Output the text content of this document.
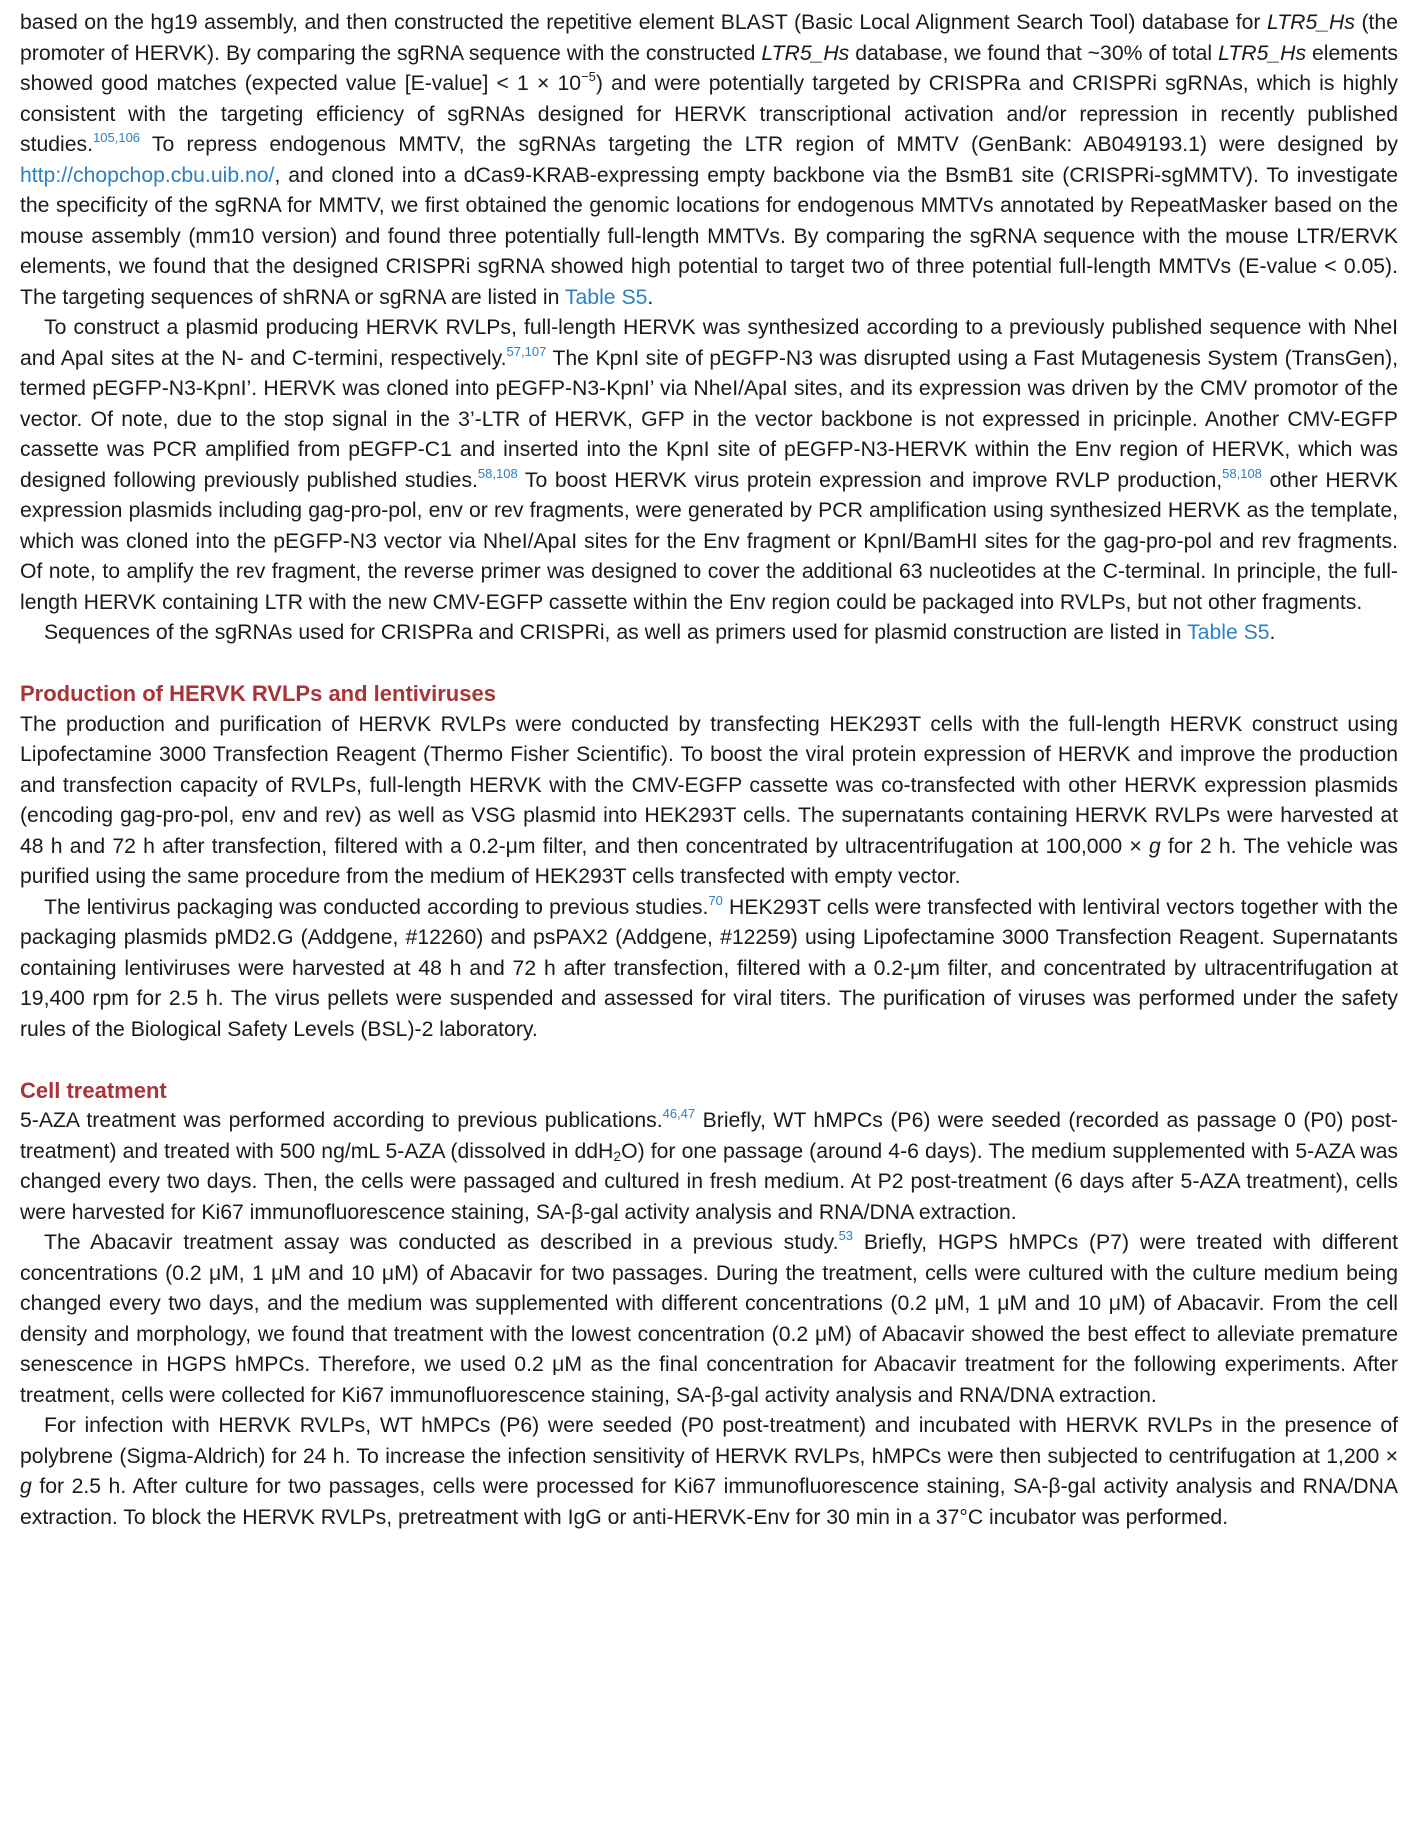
based on the hg19 assembly, and then constructed the repetitive element BLAST (Basic Local Alignment Search Tool) database for LTR5_Hs (the promoter of HERVK). By comparing the sgRNA sequence with the constructed LTR5_Hs database, we found that ~30% of total LTR5_Hs elements showed good matches (expected value [E-value] < $1 \times 10^{-5}$) and were potentially targeted by CRISPRa and CRISPRi sgRNAs, which is highly consistent with the targeting efficiency of sgRNAs designed for HERVK transcriptional activation and/or repression in recently published studies.$^{105,106}$ To repress endogenous MMTV, the sgRNAs targeting the LTR region of MMTV (GenBank: AB049193.1) were designed by http://chopchop.cbu.uib.no/, and cloned into a dCas9-KRAB-expressing empty backbone via the BsmB1 site (CRISPRi-sgMMTV). To investigate the specificity of the sgRNA for MMTV, we first obtained the genomic locations for endogenous MMTVs annotated by RepeatMasker based on the mouse assembly (mm10 version) and found three potentially full-length MMTVs. By comparing the sgRNA sequence with the mouse LTR/ERVK elements, we found that the designed CRISPRi sgRNA showed high potential to target two of three potential full-length MMTVs (E-value < 0.05). The targeting sequences of shRNA or sgRNA are listed in Table S5.

To construct a plasmid producing HERVK RVLPs, full-length HERVK was synthesized according to a previously published sequence with NheI and ApaI sites at the N- and C-termini, respectively.$^{57,107}$ The KpnI site of pEGFP-N3 was disrupted using a Fast Mutagenesis System (TransGen), termed pEGFP-N3-KpnI’. HERVK was cloned into pEGFP-N3-KpnI’ via NheI/ApaI sites, and its expression was driven by the CMV promotor of the vector. Of note, due to the stop signal in the 3’-LTR of HERVK, GFP in the vector backbone is not expressed in pricinple. Another CMV-EGFP cassette was PCR amplified from pEGFP-C1 and inserted into the KpnI site of pEGFP-N3-HERVK within the Env region of HERVK, which was designed following previously published studies.$^{58,108}$ To boost HERVK virus protein expression and improve RVLP production,$^{58,108}$ other HERVK expression plasmids including gag-pro-pol, env or rev fragments, were generated by PCR amplification using synthesized HERVK as the template, which was cloned into the pEGFP-N3 vector via NheI/ApaI sites for the Env fragment or KpnI/BamHI sites for the gag-pro-pol and rev fragments. Of note, to amplify the rev fragment, the reverse primer was designed to cover the additional 63 nucleotides at the C-terminal. In principle, the full-length HERVK containing LTR with the new CMV-EGFP cassette within the Env region could be packaged into RVLPs, but not other fragments.

Sequences of the sgRNAs used for CRISPRa and CRISPRi, as well as primers used for plasmid construction are listed in Table S5.

Production of HERVK RVLPs and lentiviruses

The production and purification of HERVK RVLPs were conducted by transfecting HEK293T cells with the full-length HERVK construct using Lipofectamine 3000 Transfection Reagent (Thermo Fisher Scientific). To boost the viral protein expression of HERVK and improve the production and transfection capacity of RVLPs, full-length HERVK with the CMV-EGFP cassette was co-transfected with other HERVK expression plasmids (encoding gag-pro-pol, env and rev) as well as VSG plasmid into HEK293T cells. The supernatants containing HERVK RVLPs were harvested at 48 h and 72 h after transfection, filtered with a 0.2-μm filter, and then concentrated by ultracentrifugation at 100,000 × g for 2 h. The vehicle was purified using the same procedure from the medium of HEK293T cells transfected with empty vector.

The lentivirus packaging was conducted according to previous studies.$^{70}$ HEK293T cells were transfected with lentiviral vectors together with the packaging plasmids pMD2.G (Addgene, #12260) and psPAX2 (Addgene, #12259) using Lipofectamine 3000 Transfection Reagent. Supernatants containing lentiviruses were harvested at 48 h and 72 h after transfection, filtered with a 0.2-μm filter, and concentrated by ultracentrifugation at 19,400 rpm for 2.5 h. The virus pellets were suspended and assessed for viral titers. The purification of viruses was performed under the safety rules of the Biological Safety Levels (BSL)-2 laboratory.

Cell treatment

5-AZA treatment was performed according to previous publications.$^{46,47}$ Briefly, WT hMPCs (P6) were seeded (recorded as passage 0 (P0) post-treatment) and treated with 500 ng/mL 5-AZA (dissolved in ddH$_2$O) for one passage (around 4-6 days). The medium supplemented with 5-AZA was changed every two days. Then, the cells were passaged and cultured in fresh medium. At P2 post-treatment (6 days after 5-AZA treatment), cells were harvested for Ki67 immunofluorescence staining, SA-β-gal activity analysis and RNA/DNA extraction.

The Abacavir treatment assay was conducted as described in a previous study.$^{53}$ Briefly, HGPS hMPCs (P7) were treated with different concentrations (0.2 μM, 1 μM and 10 μM) of Abacavir for two passages. During the treatment, cells were cultured with the culture medium being changed every two days, and the medium was supplemented with different concentrations (0.2 μM, 1 μM and 10 μM) of Abacavir. From the cell density and morphology, we found that treatment with the lowest concentration (0.2 μM) of Abacavir showed the best effect to alleviate premature senescence in HGPS hMPCs. Therefore, we used 0.2 μM as the final concentration for Abacavir treatment for the following experiments. After treatment, cells were collected for Ki67 immunofluorescence staining, SA-β-gal activity analysis and RNA/DNA extraction.

For infection with HERVK RVLPs, WT hMPCs (P6) were seeded (P0 post-treatment) and incubated with HERVK RVLPs in the presence of polybrene (Sigma-Aldrich) for 24 h. To increase the infection sensitivity of HERVK RVLPs, hMPCs were then subjected to centrifugation at 1,200 × g for 2.5 h. After culture for two passages, cells were processed for Ki67 immunofluorescence staining, SA-β-gal activity analysis and RNA/DNA extraction. To block the HERVK RVLPs, pretreatment with IgG or anti-HERVK-Env for 30 min in a 37°C incubator was performed.
